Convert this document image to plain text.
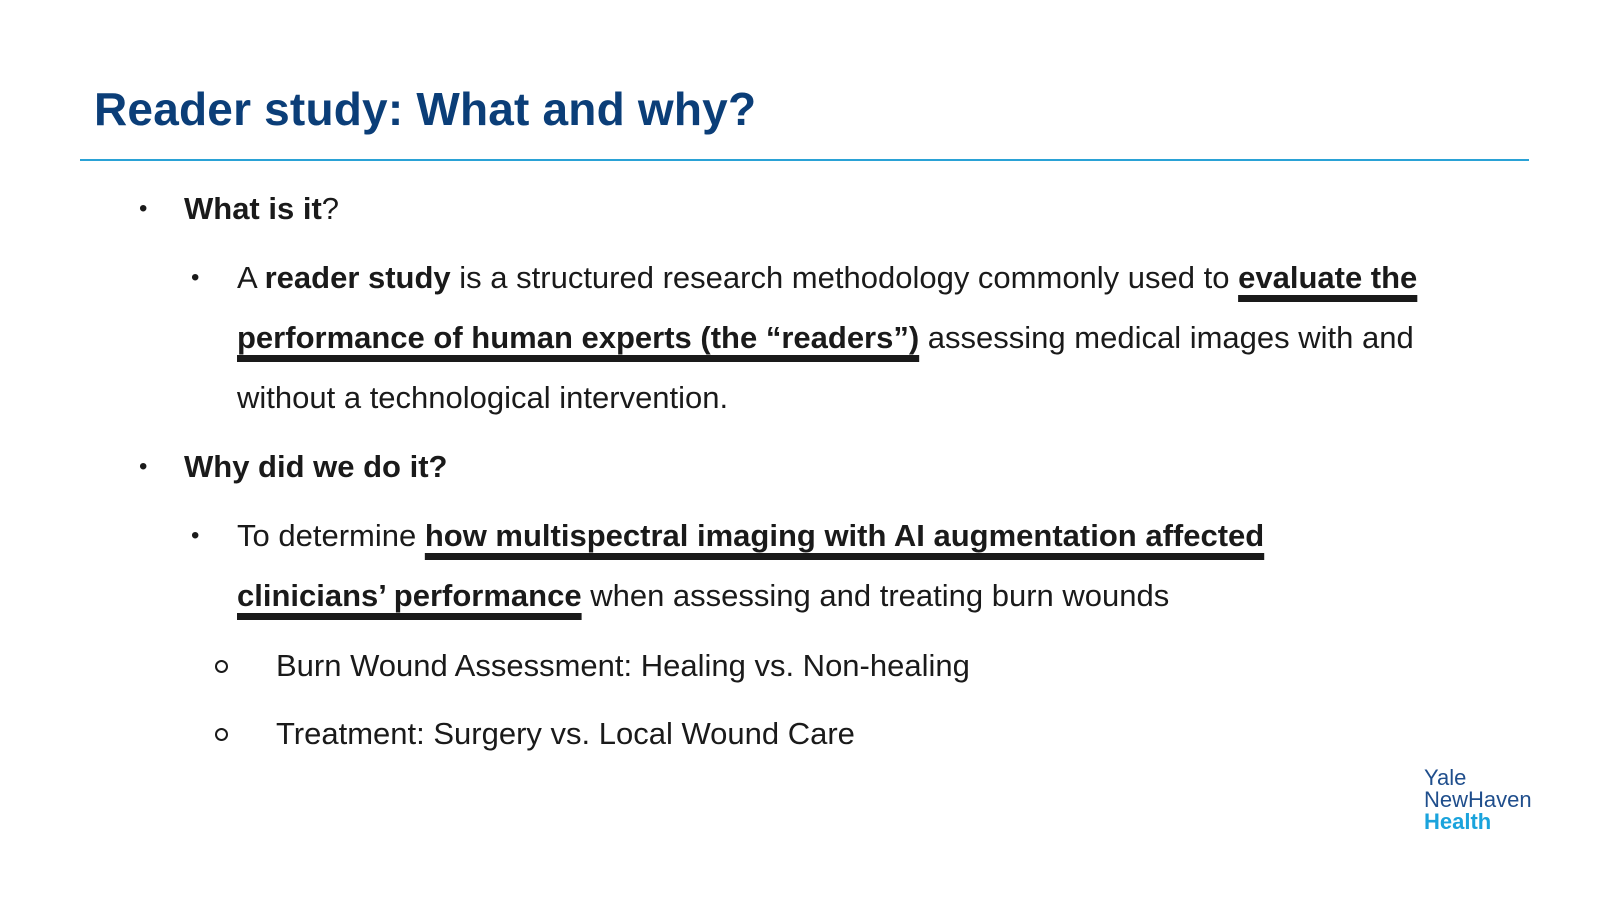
Reader study: What and why?
• What is it?
• A reader study is a structured research methodology commonly used to evaluate the
performance of human experts (the “readers”) assessing medical images with and
without a technological intervention.
• Why did we do it?
• To determine how multispectral imaging with AI augmentation affected
clinicians’ performance when assessing and treating burn wounds
Burn Wound Assessment: Healing vs. Non-healing
Treatment: Surgery vs. Local Wound Care
Yale
NewHaven
Health
